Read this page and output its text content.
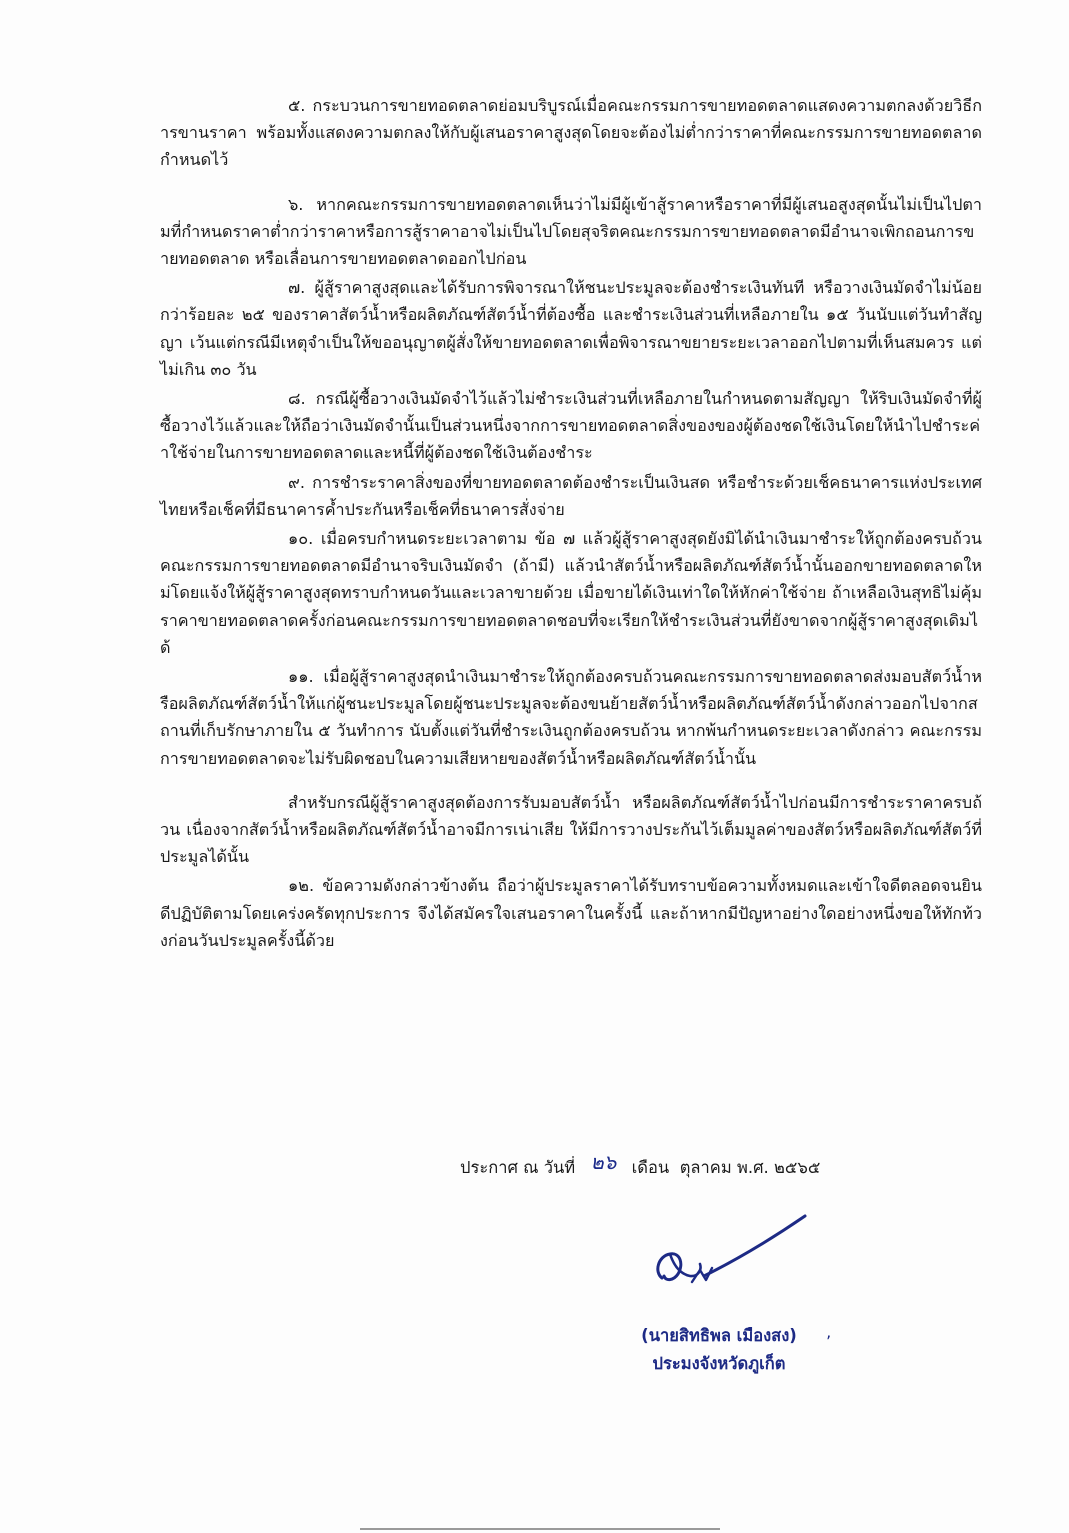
๕. กระบวนการขายทอดตลาดย่อมบริบูรณ์เมื่อคณะกรรมการขายทอดตลาดแสดงความตกลงด้วยวิธีการขานราคา พร้อมทั้งแสดงความตกลงให้กับผู้เสนอราคาสูงสุดโดยจะต้องไม่ต่ำกว่าราคาที่คณะกรรมการขายทอดตลาดกำหนดไว้

๖. หากคณะกรรมการขายทอดตลาดเห็นว่าไม่มีผู้เข้าสู้ราคาหรือราคาที่มีผู้เสนอสูงสุดนั้นไม่เป็นไปตามที่กำหนดราคาต่ำกว่าราคาหรือการสู้ราคาอาจไม่เป็นไปโดยสุจริตคณะกรรมการขายทอดตลาดมีอำนาจเพิกถอนการขายทอดตลาด หรือเลื่อนการขายทอดตลาดออกไปก่อน

๗. ผู้สู้ราคาสูงสุดและได้รับการพิจารณาให้ชนะประมูลจะต้องชำระเงินทันที หรือวางเงินมัดจำไม่น้อยกว่าร้อยละ ๒๕ ของราคาสัตว์น้ำหรือผลิตภัณฑ์สัตว์น้ำที่ต้องซื้อ และชำระเงินส่วนที่เหลือภายใน ๑๕ วันนับแต่วันทำสัญญา เว้นแต่กรณีมีเหตุจำเป็นให้ขออนุญาตผู้สั่งให้ขายทอดตลาดเพื่อพิจารณาขยายระยะเวลาออกไปตามที่เห็นสมควร แต่ไม่เกิน ๓๐ วัน

๘. กรณีผู้ซื้อวางเงินมัดจำไว้แล้วไม่ชำระเงินส่วนที่เหลือภายในกำหนดตามสัญญา ให้ริบเงินมัดจำที่ผู้ซื้อวางไว้แล้วและให้ถือว่าเงินมัดจำนั้นเป็นส่วนหนึ่งจากการขายทอดตลาดสิ่งของของผู้ต้องชดใช้เงินโดยให้นำไปชำระค่าใช้จ่ายในการขายทอดตลาดและหนี้ที่ผู้ต้องชดใช้เงินต้องชำระ

๙. การชำระราคาสิ่งของที่ขายทอดตลาดต้องชำระเป็นเงินสด หรือชำระด้วยเช็คธนาคารแห่งประเทศไทยหรือเช็คที่มีธนาคารค้ำประกันหรือเช็คที่ธนาคารสั่งจ่าย

๑๐. เมื่อครบกำหนดระยะเวลาตาม ข้อ ๗ แล้วผู้สู้ราคาสูงสุดยังมิได้นำเงินมาชำระให้ถูกต้องครบถ้วน คณะกรรมการขายทอดตลาดมีอำนาจริบเงินมัดจำ (ถ้ามี) แล้วนำสัตว์น้ำหรือผลิตภัณฑ์สัตว์น้ำนั้นออกขายทอดตลาดใหม่โดยแจ้งให้ผู้สู้ราคาสูงสุดทราบกำหนดวันและเวลาขายด้วย เมื่อขายได้เงินเท่าใดให้หักค่าใช้จ่าย ถ้าเหลือเงินสุทธิไม่คุ้มราคาขายทอดตลาดครั้งก่อนคณะกรรมการขายทอดตลาดชอบที่จะเรียกให้ชำระเงินส่วนที่ยังขาดจากผู้สู้ราคาสูงสุดเดิมได้

๑๑. เมื่อผู้สู้ราคาสูงสุดนำเงินมาชำระให้ถูกต้องครบถ้วนคณะกรรมการขายทอดตลาดส่งมอบสัตว์น้ำหรือผลิตภัณฑ์สัตว์น้ำให้แก่ผู้ชนะประมูลโดยผู้ชนะประมูลจะต้องขนย้ายสัตว์น้ำหรือผลิตภัณฑ์สัตว์น้ำดังกล่าวออกไปจากสถานที่เก็บรักษาภายใน ๕ วันทำการ นับตั้งแต่วันที่ชำระเงินถูกต้องครบถ้วน หากพ้นกำหนดระยะเวลาดังกล่าว คณะกรรมการขายทอดตลาดจะไม่รับผิดชอบในความเสียหายของสัตว์น้ำหรือผลิตภัณฑ์สัตว์น้ำนั้น

สำหรับกรณีผู้สู้ราคาสูงสุดต้องการรับมอบสัตว์น้ำ หรือผลิตภัณฑ์สัตว์น้ำไปก่อนมีการชำระราคาครบถ้วน เนื่องจากสัตว์น้ำหรือผลิตภัณฑ์สัตว์น้ำอาจมีการเน่าเสีย ให้มีการวางประกันไว้เต็มมูลค่าของสัตว์หรือผลิตภัณฑ์สัตว์ที่ประมูลได้นั้น

๑๒. ข้อความดังกล่าวข้างต้น ถือว่าผู้ประมูลราคาได้รับทราบข้อความทั้งหมดและเข้าใจดีตลอดจนยินดีปฏิบัติตามโดยเคร่งครัดทุกประการ จึงได้สมัครใจเสนอราคาในครั้งนี้ และถ้าหากมีปัญหาอย่างใดอย่างหนึ่งขอให้ทักท้วงก่อนวันประมูลครั้งนี้ด้วย

ประกาศ ณ วันที่ ๒๖ เดือน ตุลาคม พ.ศ. ๒๕๖๕
(นายสิทธิพล เมืองสง)
ประมงจังหวัดภูเก็ต
’
